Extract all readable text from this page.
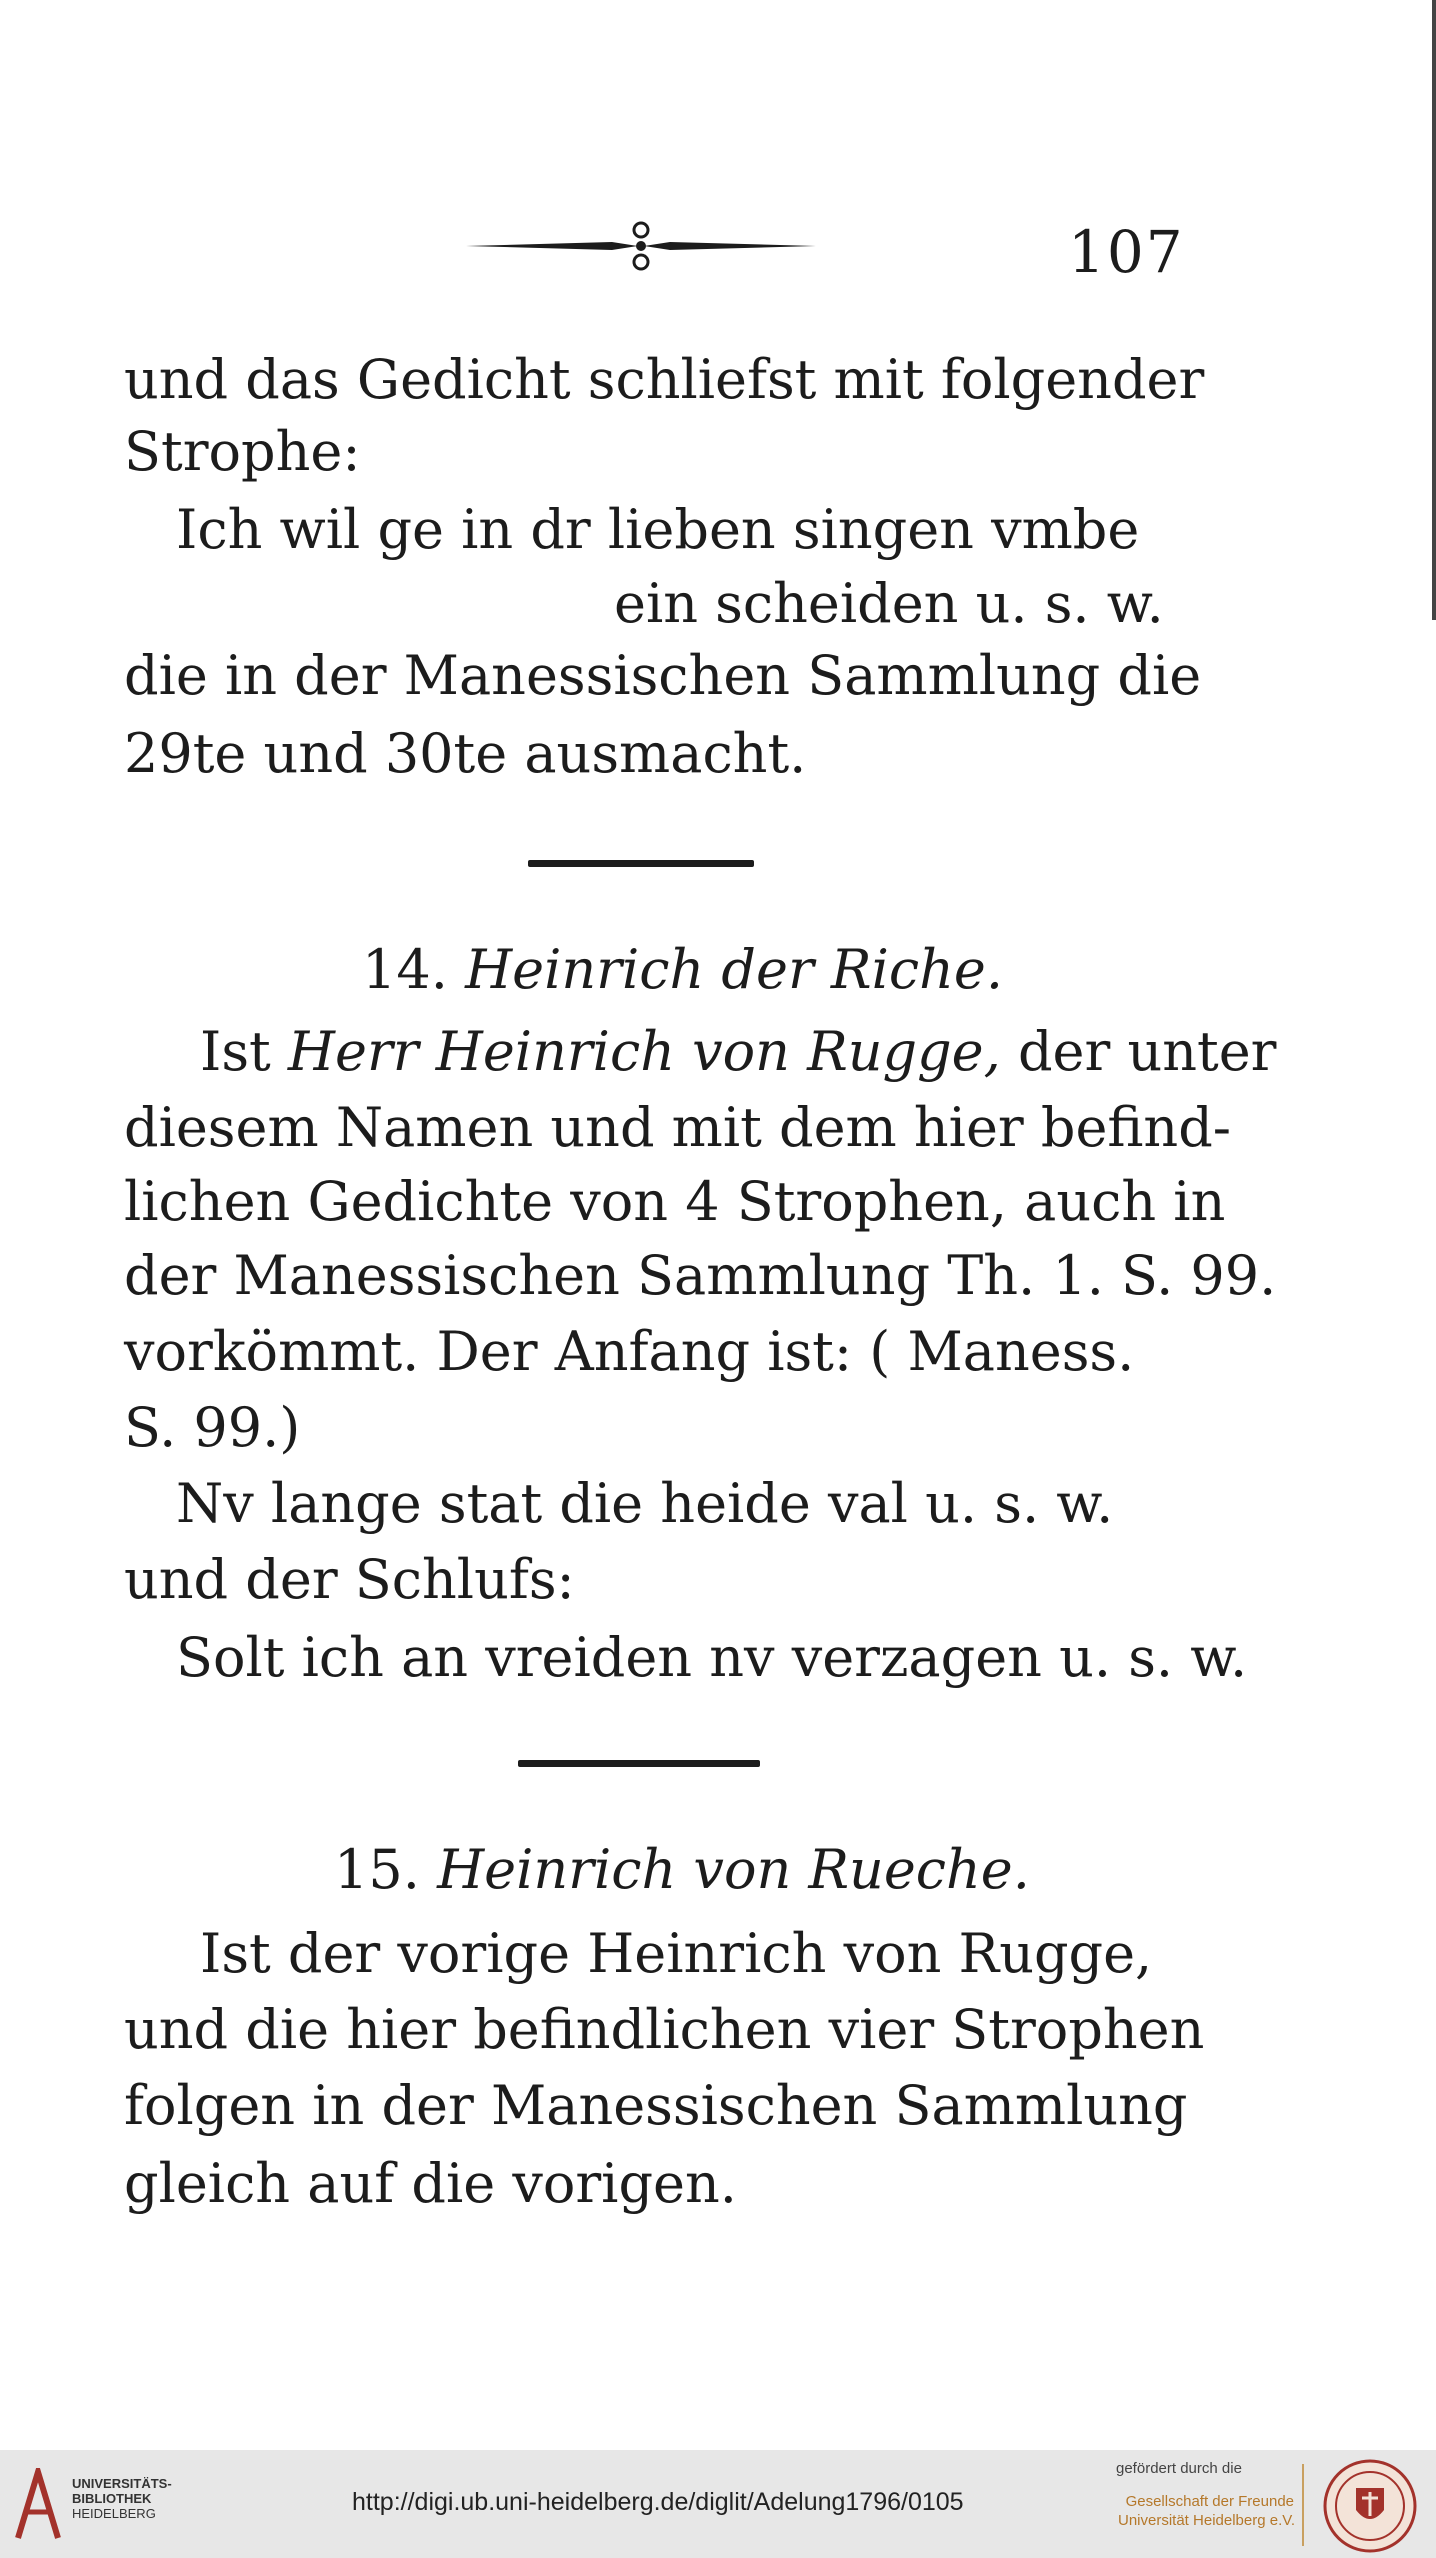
107
und das Gedicht schliefst mit folgender
Strophe:
Ich wil ge in dr lieben singen vmbe
ein scheiden u. s. w.
die in der Manessischen Sammlung die
29te und 30te ausmacht.
14. Heinrich der Riche.
Ist Herr Heinrich von Rugge, der unter
diesem Namen und mit dem hier befind-
lichen Gedichte von 4 Strophen, auch in
der Manessischen Sammlung Th. 1. S. 99.
vorkömmt. Der Anfang ist: ( Maness.
S. 99.)
Nv lange stat die heide val u. s. w.
und der Schlufs:
Solt ich an vreiden nv verzagen u. s. w.
15. Heinrich von Rueche.
Ist der vorige Heinrich von Rugge,
und die hier befindlichen vier Strophen
folgen in der Manessischen Sammlung
gleich auf die vorigen.
UNIVERSITÄTS-
BIBLIOTHEK
HEIDELBERG	http://digi.ub.uni-heidelberg.de/diglit/Adelung1796/0105
gefördert durch die
Gesellschaft der Freunde
Universität Heidelberg e.V.
